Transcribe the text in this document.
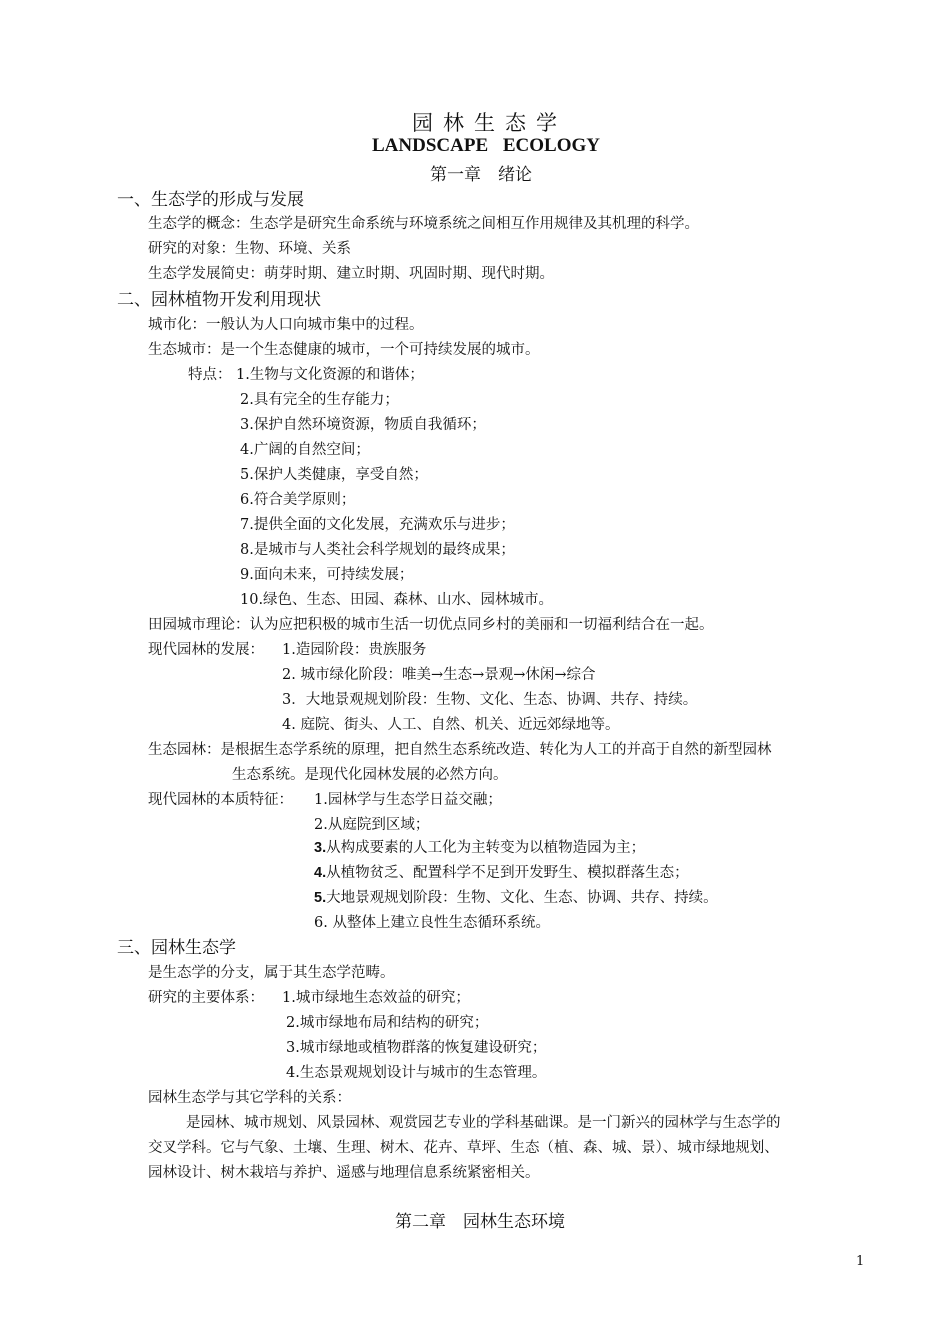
园林生态学
LANDSCAPE ECOLOGY
第一章　绪论
一、生态学的形成与发展
生态学的概念：生态学是研究生命系统与环境系统之间相互作用规律及其机理的科学。
研究的对象：生物、环境、关系
生态学发展简史：萌芽时期、建立时期、巩固时期、现代时期。
二、园林植物开发利用现状
城市化：一般认为人口向城市集中的过程。
生态城市：是一个生态健康的城市，一个可持续发展的城市。
特点： 1.生物与文化资源的和谐体；
2.具有完全的生存能力；
3.保护自然环境资源，物质自我循环；
4.广阔的自然空间；
5.保护人类健康，享受自然；
6.符合美学原则；
7.提供全面的文化发展，充满欢乐与进步；
8.是城市与人类社会科学规划的最终成果；
9.面向未来，可持续发展；
10.绿色、生态、田园、森林、山水、园林城市。
田园城市理论：认为应把积极的城市生活一切优点同乡村的美丽和一切福利结合在一起。
现代园林的发展： 1.造园阶段：贵族服务
2. 城市绿化阶段：唯美→生态→景观→休闲→综合
3．大地景观规划阶段：生物、文化、生态、协调、共存、持续。
4. 庭院、街头、人工、自然、机关、近远郊绿地等。
生态园林：是根据生态学系统的原理，把自然生态系统改造、转化为人工的并高于自然的新型园林
生态系统。是现代化园林发展的必然方向。
现代园林的本质特征： 1.园林学与生态学日益交融；
2.从庭院到区域；
3.从构成要素的人工化为主转变为以植物造园为主；
4.从植物贫乏、配置科学不足到开发野生、模拟群落生态；
5.大地景观规划阶段：生物、文化、生态、协调、共存、持续。
6. 从整体上建立良性生态循环系统。
三、园林生态学
是生态学的分支，属于其生态学范畴。
研究的主要体系： 1.城市绿地生态效益的研究；
2.城市绿地布局和结构的研究；
3.城市绿地或植物群落的恢复建设研究；
4.生态景观规划设计与城市的生态管理。
园林生态学与其它学科的关系：
是园林、城市规划、风景园林、观赏园艺专业的学科基础课。是一门新兴的园林学与生态学的
交叉学科。它与气象、土壤、生理、树木、花卉、草坪、生态（植、森、城、景）、城市绿地规划、
园林设计、树木栽培与养护、遥感与地理信息系统紧密相关。
第二章　园林生态环境
1
